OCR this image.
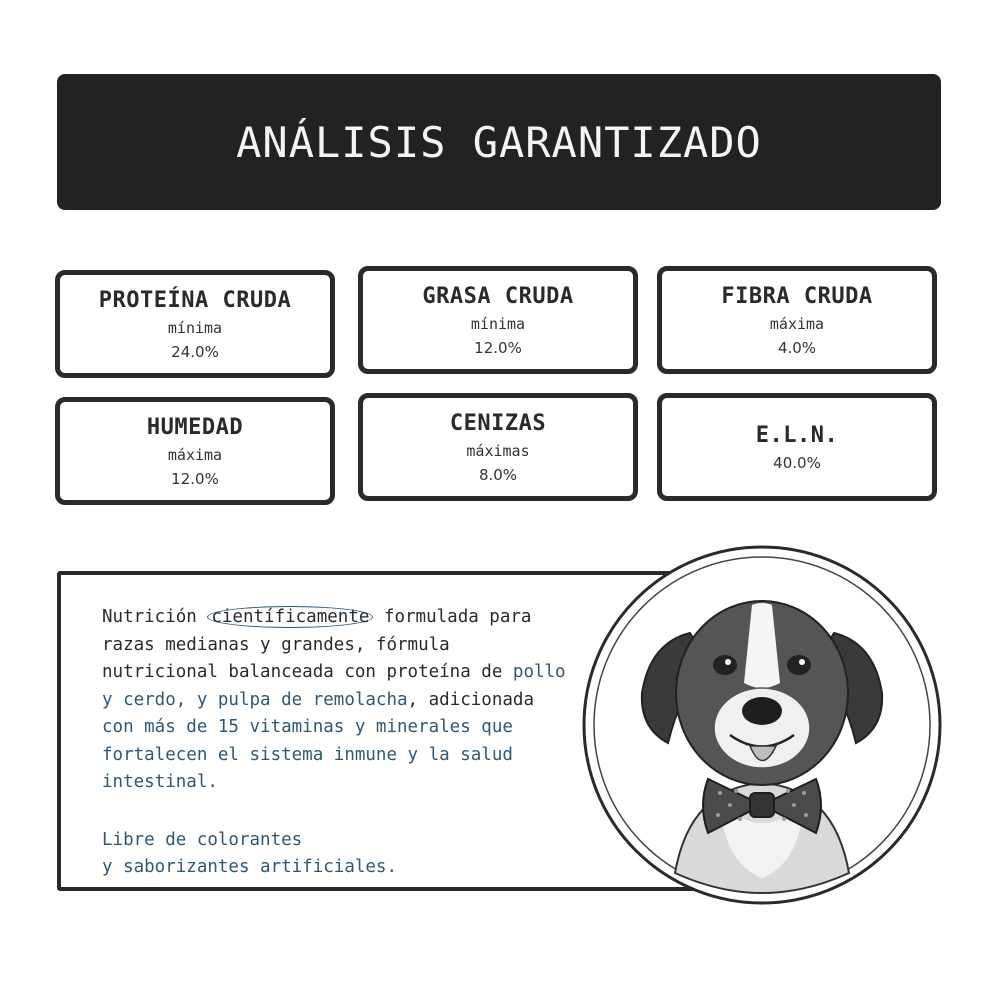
ANÁLISIS GARANTIZADO
PROTEÍNA CRUDA
mínima
24.0%
GRASA CRUDA
mínima
12.0%
FIBRA CRUDA
máxima
4.0%
HUMEDAD
máxima
12.0%
CENIZAS
máximas
8.0%
E.L.N.
40.0%

Nutrición científicamente formulada para razas medianas y grandes, fórmula nutricional balanceada con proteína de pollo y cerdo, y pulpa de remolacha, adicionada con más de 15 vitaminas y minerales que fortalecen el sistema inmune y la salud intestinal.

Libre de colorantes
y saborizantes artificiales.
